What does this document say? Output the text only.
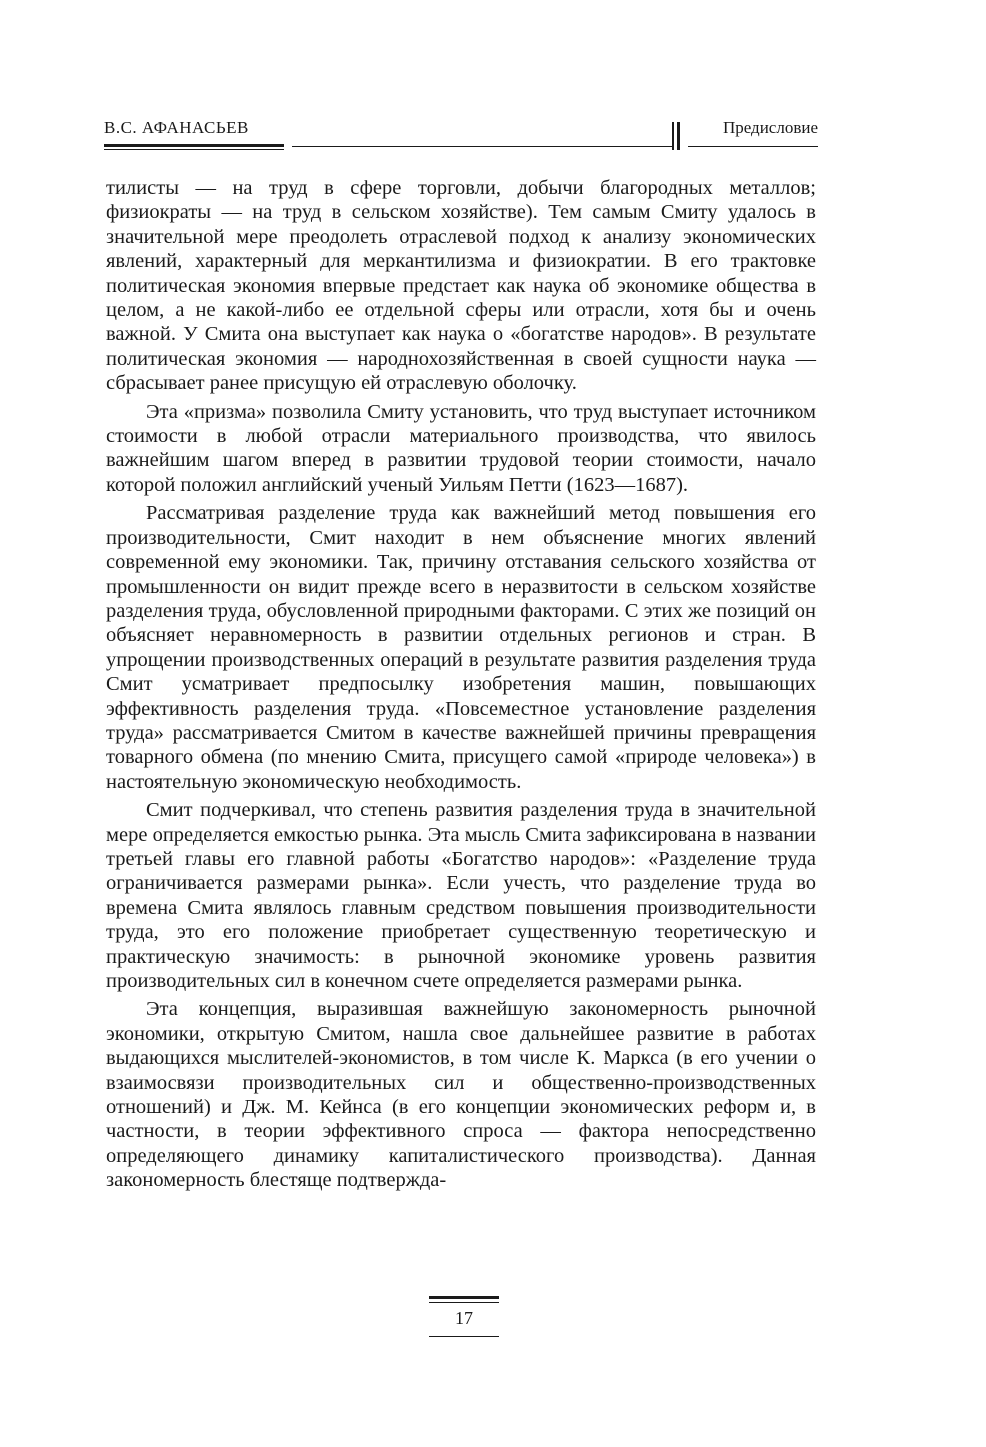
В.С. АФАНАСЬЕВ	Предисловие

тилисты — на труд в сфере торговли, добычи благородных металлов; физиократы — на труд в сельском хозяйстве). Тем самым Смиту удалось в значительной мере преодолеть отраслевой подход к анализу экономических явлений, характерный для меркантилизма и физиократии. В его трактовке политическая экономия впервые предстает как наука об экономике общества в целом, а не какой-либо ее отдельной сферы или отрасли, хотя бы и очень важной. У Смита она выступает как наука о «богатстве народов». В результате политическая экономия — народнохозяйственная в своей сущности наука — сбрасывает ранее присущую ей отраслевую оболочку.

Эта «призма» позволила Смиту установить, что труд выступает источником стоимости в любой отрасли материального производства, что явилось важнейшим шагом вперед в развитии трудовой теории стоимости, начало которой положил английский ученый Уильям Петти (1623—1687).

Рассматривая разделение труда как важнейший метод повышения его производительности, Смит находит в нем объяснение многих явлений современной ему экономики. Так, причину отставания сельского хозяйства от промышленности он видит прежде всего в неразвитости в сельском хозяйстве разделения труда, обусловленной природными факторами. С этих же позиций он объясняет неравномерность в развитии отдельных регионов и стран. В упрощении производственных операций в результате развития разделения труда Смит усматривает предпосылку изобретения машин, повышающих эффективность разделения труда. «Повсеместное установление разделения труда» рассматривается Смитом в качестве важнейшей причины превращения товарного обмена (по мнению Смита, присущего самой «природе человека») в настоятельную экономическую необходимость.

Смит подчеркивал, что степень развития разделения труда в значительной мере определяется емкостью рынка. Эта мысль Смита зафиксирована в названии третьей главы его главной работы «Богатство народов»: «Разделение труда ограничивается размерами рынка». Если учесть, что разделение труда во времена Смита являлось главным средством повышения производительности труда, это его положение приобретает существенную теоретическую и практическую значимость: в рыночной экономике уровень развития производительных сил в конечном счете определяется размерами рынка.

Эта концепция, выразившая важнейшую закономерность рыночной экономики, открытую Смитом, нашла свое дальнейшее развитие в работах выдающихся мыслителей-экономистов, в том числе К. Маркса (в его учении о взаимосвязи производительных сил и общественно-производственных отношений) и Дж. М. Кейнса (в его концепции экономических реформ и, в частности, в теории эффективного спроса — фактора непосредственно определяющего динамику капиталистического производства). Данная закономерность блестяще подтвержда-

17
